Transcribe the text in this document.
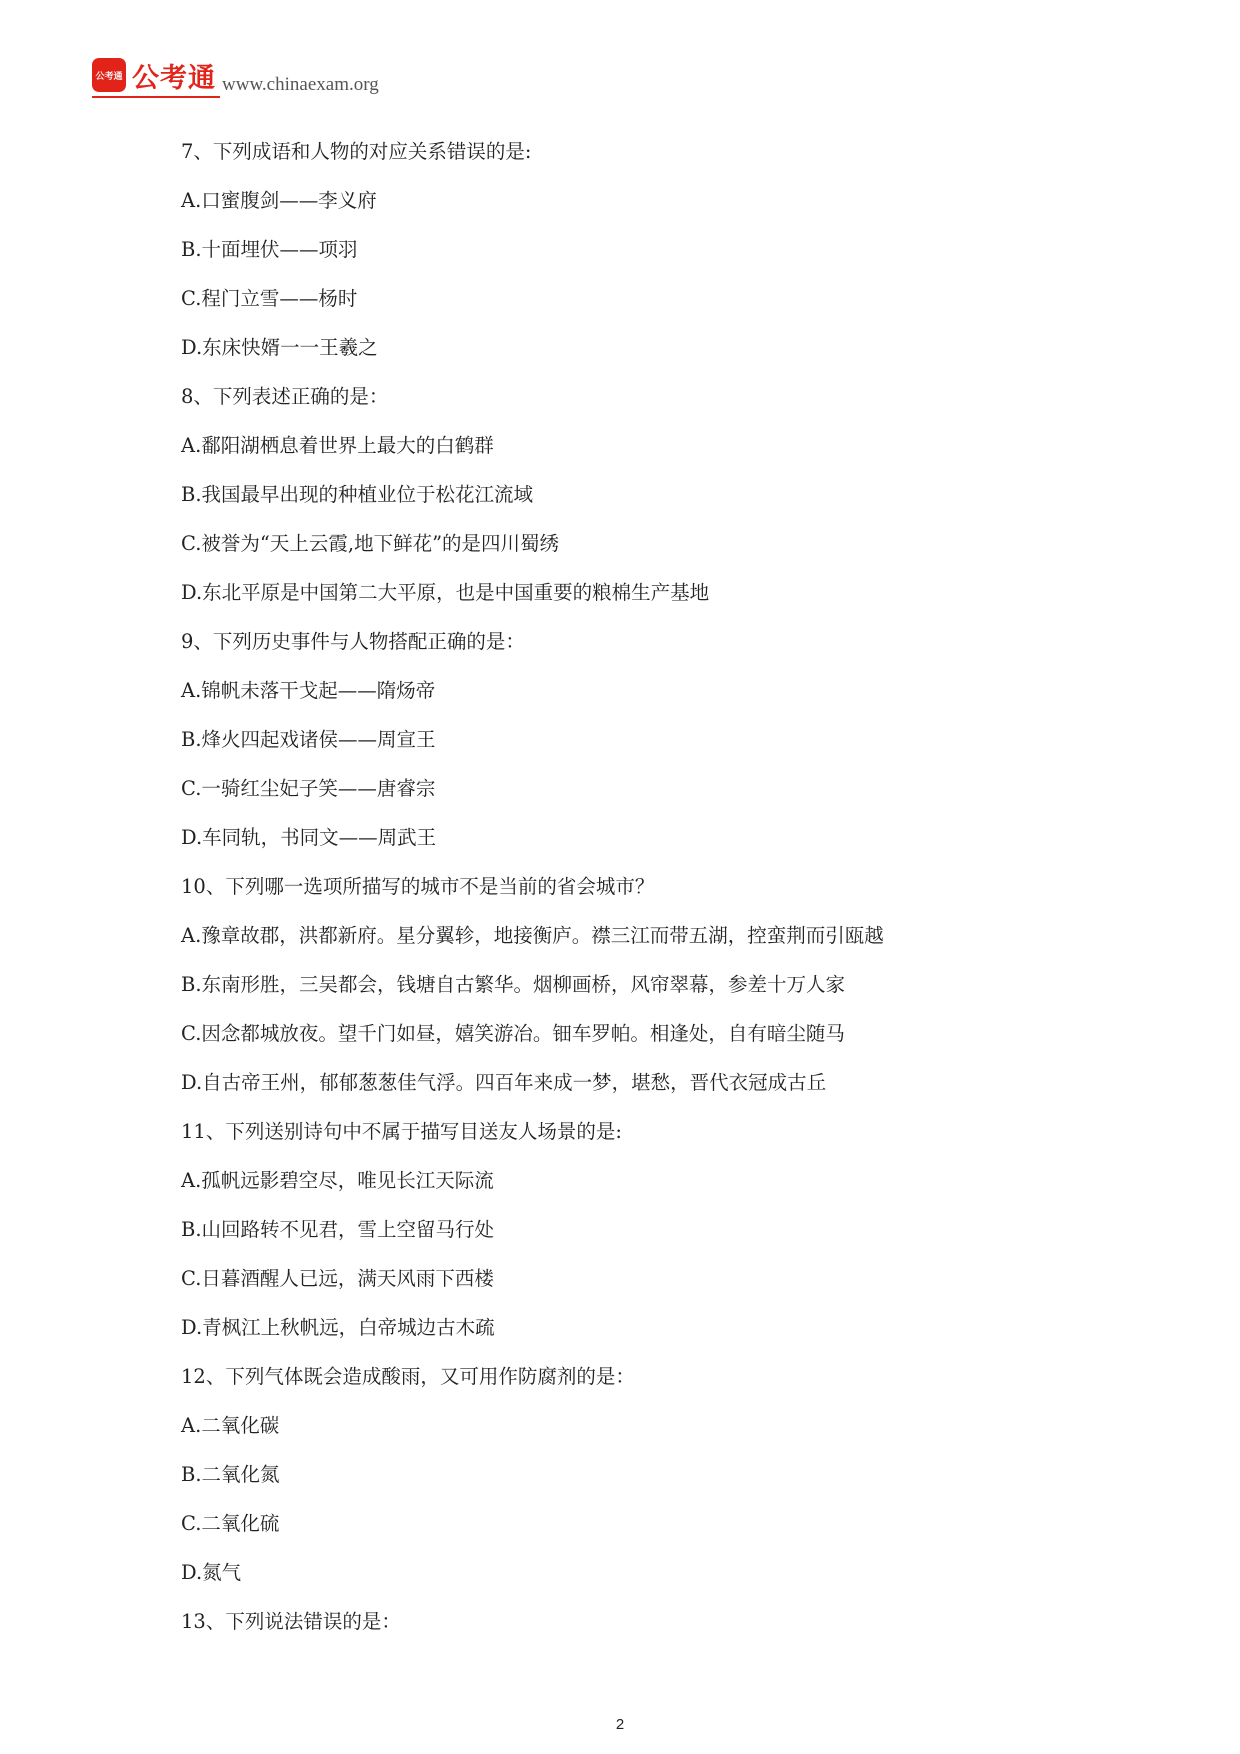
公考通 公考通 www.chinaexam.org
7、下列成语和人物的对应关系错误的是:
A.口蜜腹剑——李义府
B.十面埋伏——项羽
C.程门立雪——杨时
D.东床快婿一一王羲之
8、下列表述正确的是：
A.鄱阳湖栖息着世界上最大的白鹤群
B.我国最早出现的种植业位于松花江流域
C.被誉为“天上云霞,地下鲜花”的是四川蜀绣
D.东北平原是中国第二大平原，也是中国重要的粮棉生产基地
9、下列历史事件与人物搭配正确的是：
A.锦帆未落干戈起——隋炀帝
B.烽火四起戏诸侯——周宣王
C.一骑红尘妃子笑——唐睿宗
D.车同轨，书同文——周武王
10、下列哪一选项所描写的城市不是当前的省会城市？
A.豫章故郡，洪都新府。星分翼轸，地接衡庐。襟三江而带五湖，控蛮荆而引瓯越
B.东南形胜，三吴都会，钱塘自古繁华。烟柳画桥，风帘翠幕，参差十万人家
C.因念都城放夜。望千门如昼，嬉笑游冶。钿车罗帕。相逢处，自有暗尘随马
D.自古帝王州，郁郁葱葱佳气浮。四百年来成一梦，堪愁，晋代衣冠成古丘
11、下列送别诗句中不属于描写目送友人场景的是:
A.孤帆远影碧空尽，唯见长江天际流
B.山回路转不见君，雪上空留马行处
C.日暮酒醒人已远，满天风雨下西楼
D.青枫江上秋帆远，白帝城边古木疏
12、下列气体既会造成酸雨，又可用作防腐剂的是：
A.二氧化碳
B.二氧化氮
C.二氧化硫
D.氮气
13、下列说法错误的是：
2
